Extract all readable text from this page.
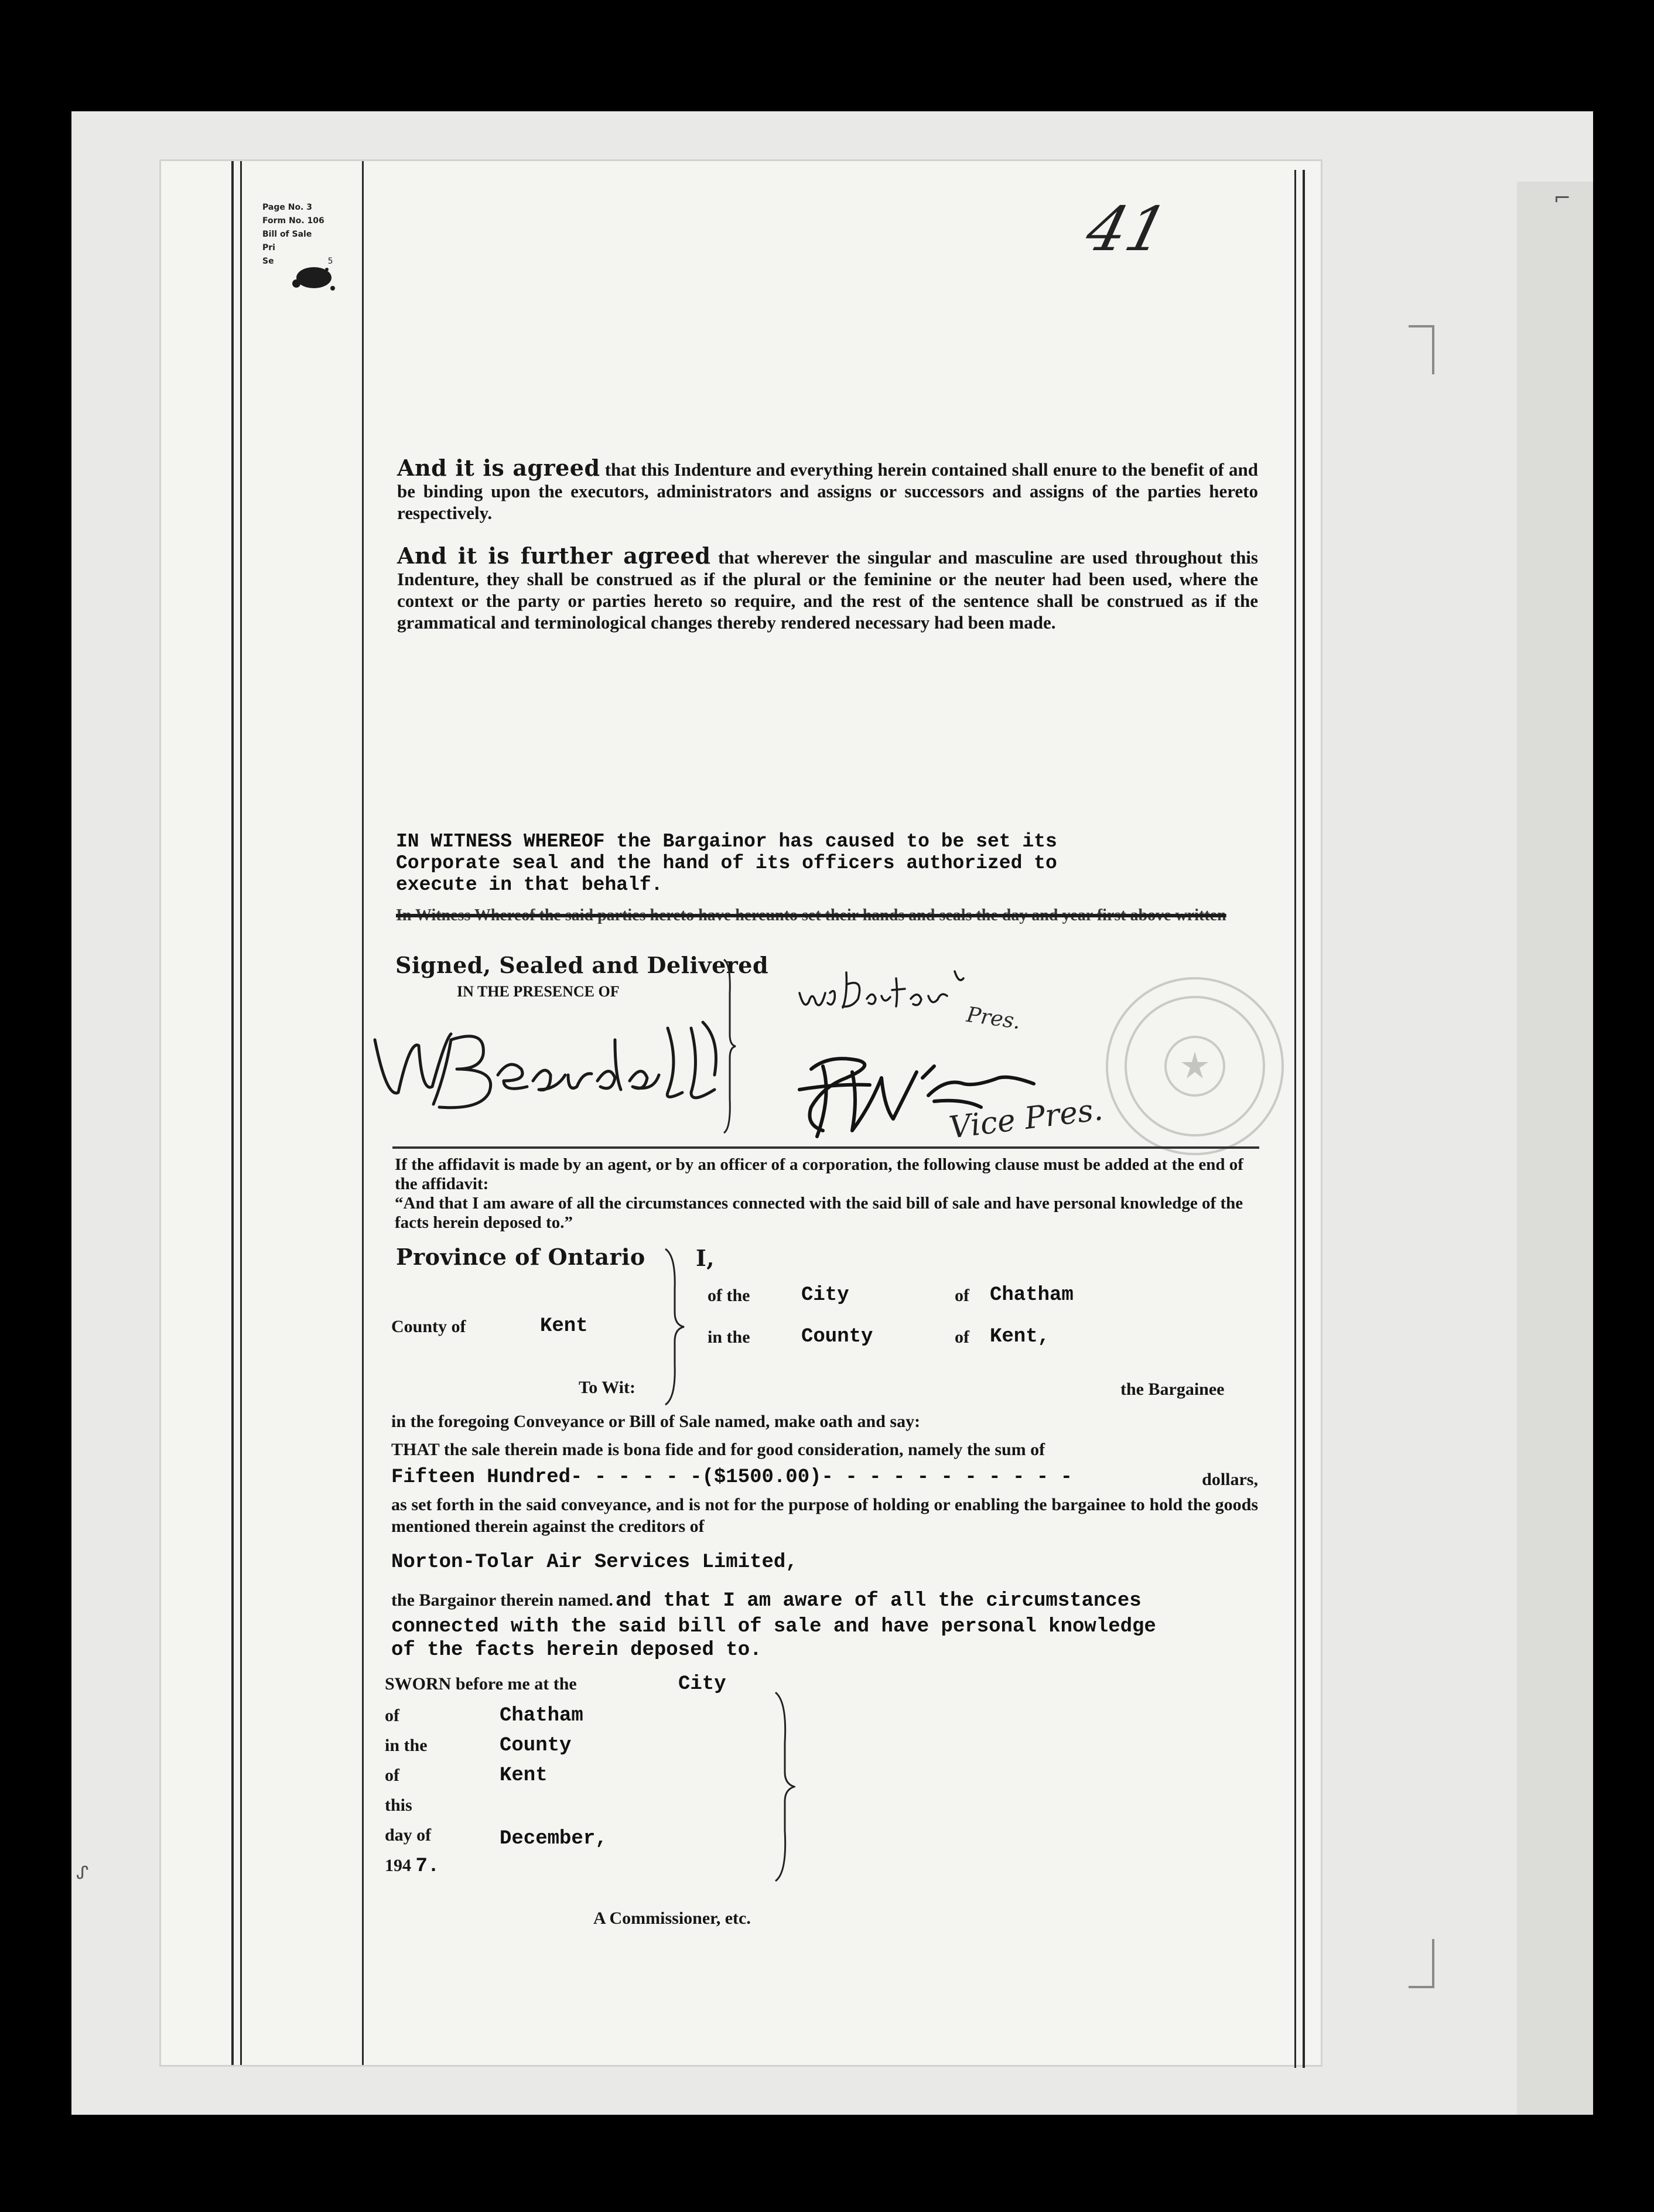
⌐
ᔑ
Page No. 3
Form No. 106
Bill of Sale
Pri
Se	5	41
And it is agreed that this Indenture and everything herein contained shall enure to the benefit of and be binding upon the executors, administrators and assigns or successors and assigns of the parties hereto respectively.
And it is further agreed that wherever the singular and masculine are used throughout this Indenture, they shall be construed as if the plural or the feminine or the neuter had been used, where the context or the party or parties hereto so require, and the rest of the sentence shall be construed as if the grammatical and terminological changes thereby rendered necessary had been made.
IN WITNESS WHEREOF the Bargainor has caused to be set its
Corporate seal and the hand of its officers authorized to
execute in that behalf.
In Witness Whereof the said parties hereto have hereunto set their hands and seals the day and year first above written
Signed, Sealed and Delivered
IN THE PRESENCE OF
Pres.
Vice Pres.
If the affidavit is made by an agent, or by an officer of a corporation, the following clause must be added at the end of the affidavit:
“And that I am aware of all the circumstances connected with the said bill of sale and have personal knowledge of the facts herein deposed to.”
Province of Ontario I,
County of	Kent
To Wit:
of the	City	of Chatham
in the	County	of Kent,
the Bargainee
in the foregoing Conveyance or Bill of Sale named, make oath and say:
THAT the sale therein made is bona fide and for good consideration, namely the sum of
Fifteen Hundred- - - - - -($1500.00)- - - - - - - - - - -	dollars,
as set forth in the said conveyance, and is not for the purpose of holding or enabling the bargainee to hold the goods mentioned therein against the creditors of
Norton-Tolar Air Services Limited,
the Bargainor therein named. and that I am aware of all the circumstances
connected with the said bill of sale and have personal knowledge
of the facts herein deposed to.
SWORN before me at the	City
of	Chatham
in the	County
of	Kent
this
day of	December,
194 7.
A Commissioner, etc.
